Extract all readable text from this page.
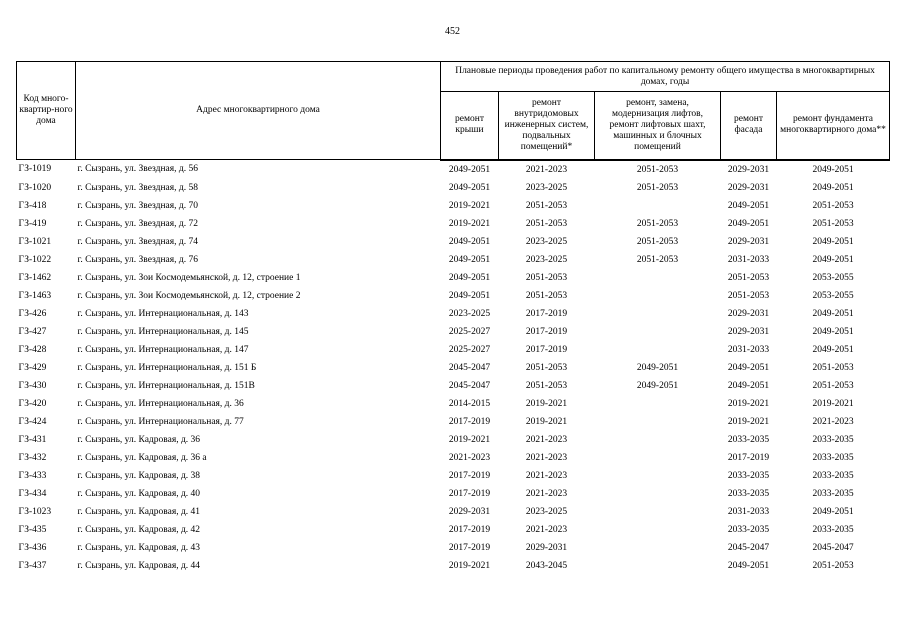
452
Код много-квартир-ного дома	Адрес многоквартирного дома	Плановые периоды проведения работ по капитальному ремонту общего имущества в многоквартирных домах, годы				
		ремонт крыши	ремонт внутридомовых инженерных систем, подвальных помещений*	ремонт, замена, модернизация лифтов, ремонт лифтовых шахт, машинных и блочных помещений	ремонт фасада	ремонт фундамента многоквартирного дома**
ГЗ-1019	г. Сызрань, ул. Звездная, д. 56	2049-2051	2021-2023	2051-2053	2029-2031	2049-2051
ГЗ-1020	г. Сызрань, ул. Звездная, д. 58	2049-2051	2023-2025	2051-2053	2029-2031	2049-2051
ГЗ-418	г. Сызрань, ул. Звездная, д. 70	2019-2021	2051-2053		2049-2051	2051-2053
ГЗ-419	г. Сызрань, ул. Звездная, д. 72	2019-2021	2051-2053	2051-2053	2049-2051	2051-2053
ГЗ-1021	г. Сызрань, ул. Звездная, д. 74	2049-2051	2023-2025	2051-2053	2029-2031	2049-2051
ГЗ-1022	г. Сызрань, ул. Звездная, д. 76	2049-2051	2023-2025	2051-2053	2031-2033	2049-2051
ГЗ-1462	г. Сызрань, ул. Зои Космодемьянской, д. 12, строение 1	2049-2051	2051-2053		2051-2053	2053-2055
ГЗ-1463	г. Сызрань, ул. Зои Космодемьянской, д. 12, строение 2	2049-2051	2051-2053		2051-2053	2053-2055
ГЗ-426	г. Сызрань, ул. Интернациональная, д. 143	2023-2025	2017-2019		2029-2031	2049-2051
ГЗ-427	г. Сызрань, ул. Интернациональная, д. 145	2025-2027	2017-2019		2029-2031	2049-2051
ГЗ-428	г. Сызрань, ул. Интернациональная, д. 147	2025-2027	2017-2019		2031-2033	2049-2051
ГЗ-429	г. Сызрань, ул. Интернациональная, д. 151 Б	2045-2047	2051-2053	2049-2051	2049-2051	2051-2053
ГЗ-430	г. Сызрань, ул. Интернациональная, д. 151В	2045-2047	2051-2053	2049-2051	2049-2051	2051-2053
ГЗ-420	г. Сызрань, ул. Интернациональная, д. 36	2014-2015	2019-2021		2019-2021	2019-2021
ГЗ-424	г. Сызрань, ул. Интернациональная, д. 77	2017-2019	2019-2021		2019-2021	2021-2023
ГЗ-431	г. Сызрань, ул. Кадровая, д. 36	2019-2021	2021-2023		2033-2035	2033-2035
ГЗ-432	г. Сызрань, ул. Кадровая, д. 36 а	2021-2023	2021-2023		2017-2019	2033-2035
ГЗ-433	г. Сызрань, ул. Кадровая, д. 38	2017-2019	2021-2023		2033-2035	2033-2035
ГЗ-434	г. Сызрань, ул. Кадровая, д. 40	2017-2019	2021-2023		2033-2035	2033-2035
ГЗ-1023	г. Сызрань, ул. Кадровая, д. 41	2029-2031	2023-2025		2031-2033	2049-2051
ГЗ-435	г. Сызрань, ул. Кадровая, д. 42	2017-2019	2021-2023		2033-2035	2033-2035
ГЗ-436	г. Сызрань, ул. Кадровая, д. 43	2017-2019	2029-2031		2045-2047	2045-2047
ГЗ-437	г. Сызрань, ул. Кадровая, д. 44	2019-2021	2043-2045		2049-2051	2051-2053
